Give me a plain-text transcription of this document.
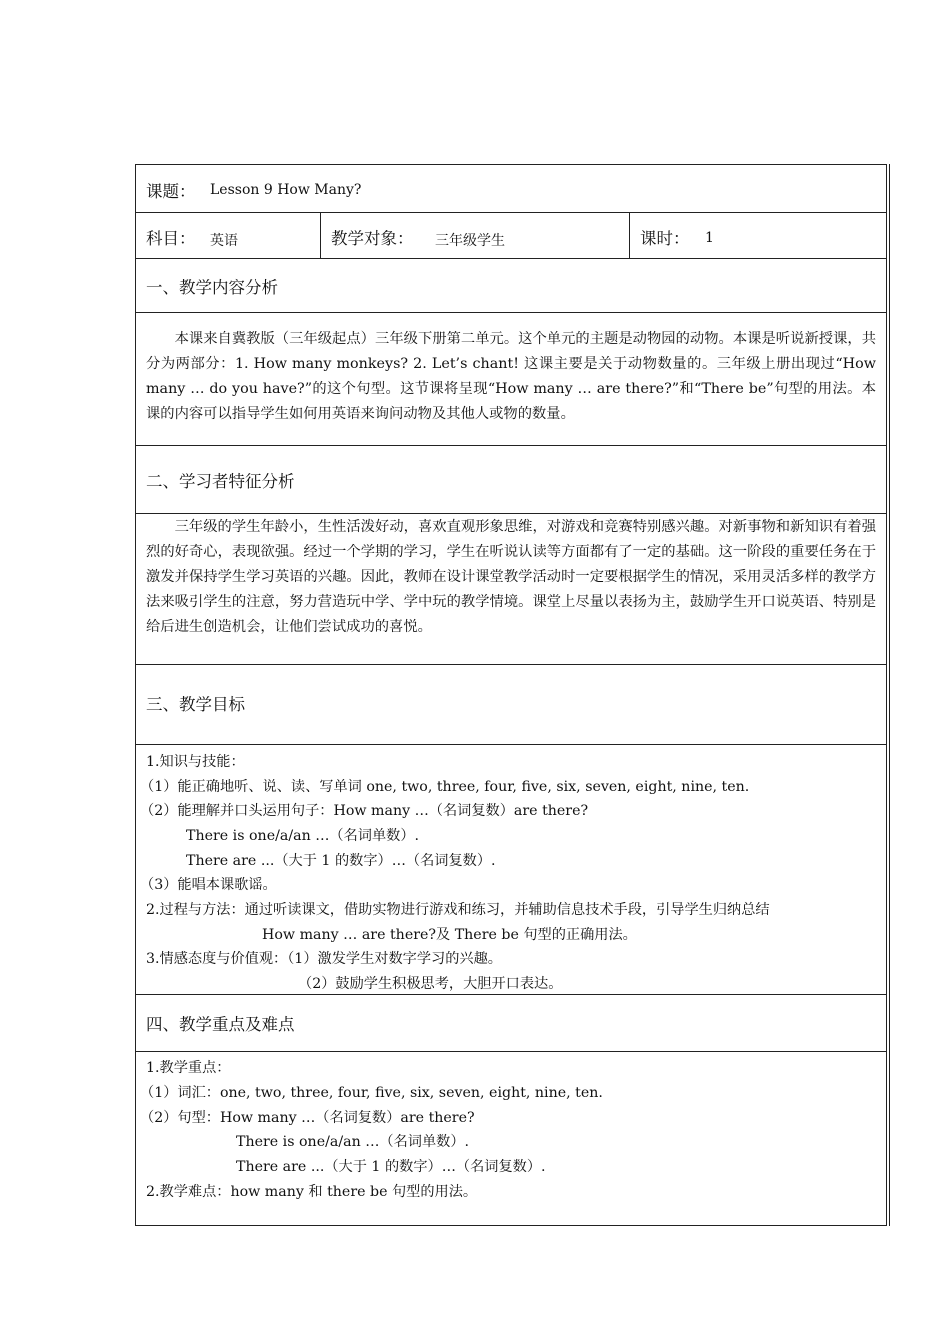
课题： Lesson 9 How Many?
科目： 英语	教学对象： 三年级学生	课时： 1
一、教学内容分析

本课来自冀教版（三年级起点）三年级下册第二单元。这个单元的主题是动物园的动物。本课是听说新授课，共分为两部分：1. How many monkeys? 2. Let’s chant! 这课主要是关于动物数量的。三年级上册出现过“How many … do you have?”的这个句型。这节课将呈现“How many … are there?”和“There be”句型的用法。本课的内容可以指导学生如何用英语来询问动物及其他人或物的数量。

二、学习者特征分析

三年级的学生年龄小，生性活泼好动，喜欢直观形象思维，对游戏和竞赛特别感兴趣。对新事物和新知识有着强烈的好奇心，表现欲强。经过一个学期的学习，学生在听说认读等方面都有了一定的基础。这一阶段的重要任务在于激发并保持学生学习英语的兴趣。因此，教师在设计课堂教学活动时一定要根据学生的情况，采用灵活多样的教学方法来吸引学生的注意，努力营造玩中学、学中玩的教学情境。课堂上尽量以表扬为主，鼓励学生开口说英语、特别是给后进生创造机会，让他们尝试成功的喜悦。

三、教学目标
1.知识与技能：
（1）能正确地听、说、读、写单词 one, two, three, four, five, six, seven, eight, nine, ten.
（2）能理解并口头运用句子：How many …（名词复数）are there?
There is one/a/an …（名词单数）.
There are ...（大于 1 的数字）…（名词复数）.
（3）能唱本课歌谣。
2.过程与方法：通过听读课文，借助实物进行游戏和练习，并辅助信息技术手段，引导学生归纳总结
How many … are there?及 There be 句型的正确用法。
3.情感态度与价值观：（1）激发学生对数字学习的兴趣。
（2）鼓励学生积极思考，大胆开口表达。
四、教学重点及难点
1.教学重点：
（1）词汇：one, two, three, four, five, six, seven, eight, nine, ten.
（2）句型：How many …（名词复数）are there?
There is one/a/an …（名词单数）.
There are ...（大于 1 的数字）…（名词复数）.
2.教学难点：how many 和 there be 句型的用法。
